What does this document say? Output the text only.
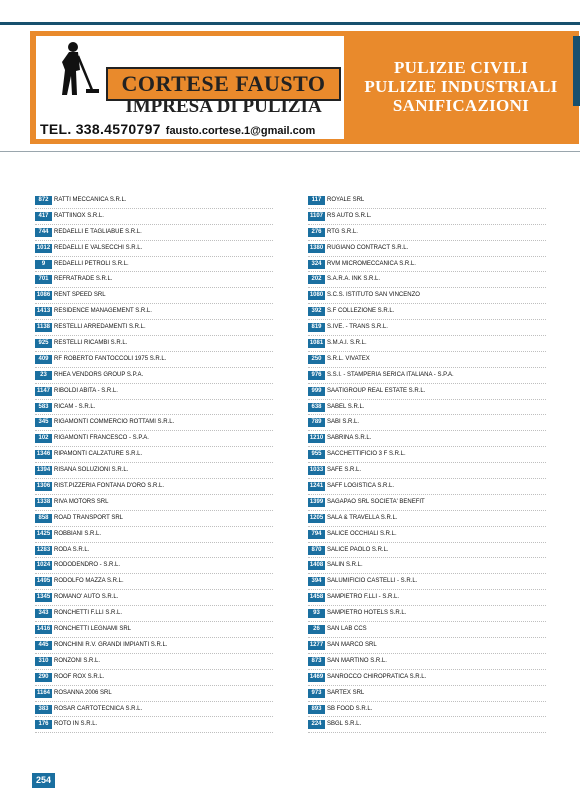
CORTESE FAUSTO
IMPRESA DI PULIZIA
TEL. 338.4570797 fausto.cortese.1@gmail.com
PULIZIE CIVILI
PULIZIE INDUSTRIALI
SANIFICAZIONI
872 RATTI MECCANICA S.R.L.
417 RATTIINOX S.R.L.
744 REDAELLI E TAGLIABUE S.R.L.
1012 REDAELLI E VALSECCHI S.R.L.
9	REDAELLI PETROLI S.R.L.
701 REFRATRADE S.R.L.
1086 RENT SPEED SRL
1413 RESIDENCE MANAGEMENT S.R.L.
1138 RESTELLI ARREDAMENTI S.R.L.
925 RESTELLI RICAMBI S.R.L.
409 RF ROBERTO FANTOCCOLI 1975 S.R.L.
23	RHEA VENDORS GROUP S.P.A.
1147 RIBOLDI ABITA - S.R.L.
583 RICAM - S.R.L.
345 RIGAMONTI COMMERCIO ROTTAMI S.R.L.
102 RIGAMONTI FRANCESCO - S.P.A.
1346 RIPAMONTI CALZATURE S.R.L.
1394 RISANA SOLUZIONI S.R.L.
1306 RIST.PIZZERIA FONTANA D'ORO S.R.L.
1338 RIVA MOTORS SRL
858 ROAD TRANSPORT SRL
1425 ROBBIANI S.R.L.
1283 RODA S.R.L.
1024 RODODENDRO - S.R.L.
1495 RODOLFO MAZZA S.R.L.
1345 ROMANO' AUTO S.R.L.
343 RONCHETTI F.LLI S.R.L.
1416 RONCHETTI LEGNAMI SRL
445 RONCHINI R.V. GRANDI IMPIANTI S.R.L.
310 RONZONI S.R.L.
290 ROOF ROX S.R.L.
1164 ROSANNA 2006 SRL
383 ROSAR CARTOTECNICA S.R.L.
176 ROTO IN S.R.L.
117 ROYALE SRL
1107 RS AUTO S.R.L.
276 RTG S.R.L.
1380 RUGIANO CONTRACT S.R.L.
324 RVM MICROMECCANICA S.R.L.
202 S.A.R.A. INK S.R.L.
1080 S.C.S. ISTITUTO SAN VINCENZO
392 S.F COLLEZIONE S.R.L.
819 S.IVE. - TRANS S.R.L.
1081 S.M.A.I. S.R.L.
250 S.R.L. VIVATEX
976 S.S.I. - STAMPERIA SERICA ITALIANA - S.P.A.
999 SAATIGROUP REAL ESTATE S.R.L.
638 SABEL S.R.L.
789 SABI S.R.L.
1210 SABRINA S.R.L.
955 SACCHETTIFICIO 3 F S.R.L.
1033 SAFE S.R.L.
1241 SAFF LOGISTICA S.R.L.
1399 SAGAPAO SRL SOCIETA' BENEFIT
1205 SALA & TRAVELLA S.R.L.
794 SALICE OCCHIALI S.R.L.
870 SALICE PAOLO S.R.L.
1408 SALIN S.R.L.
394 SALUMIFICIO CASTELLI - S.R.L.
1458 SAMPIETRO F.LLI - S.R.L.
93	SAMPIETRO HOTELS S.R.L.
26	SAN LAB CCS
1277 SAN MARCO SRL
873 SAN MARTINO S.R.L.
1469 SANROCCO CHIROPRATICA S.R.L.
973 SARTEX SRL
893 SB FOOD S.R.L.
224 SBGL S.R.L.
254
